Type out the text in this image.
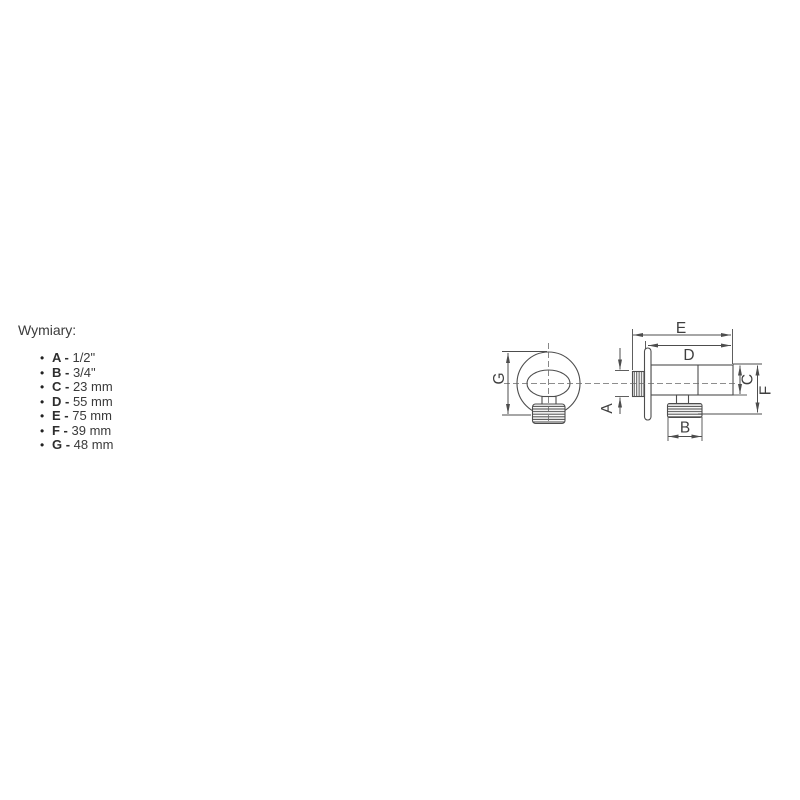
Wymiary:
• A - 1/2"
• B - 3/4"
• C - 23 mm
• D - 55 mm
• E - 75 mm
• F - 39 mm
• G - 48 mm
E
D
B
G
A
C
F
